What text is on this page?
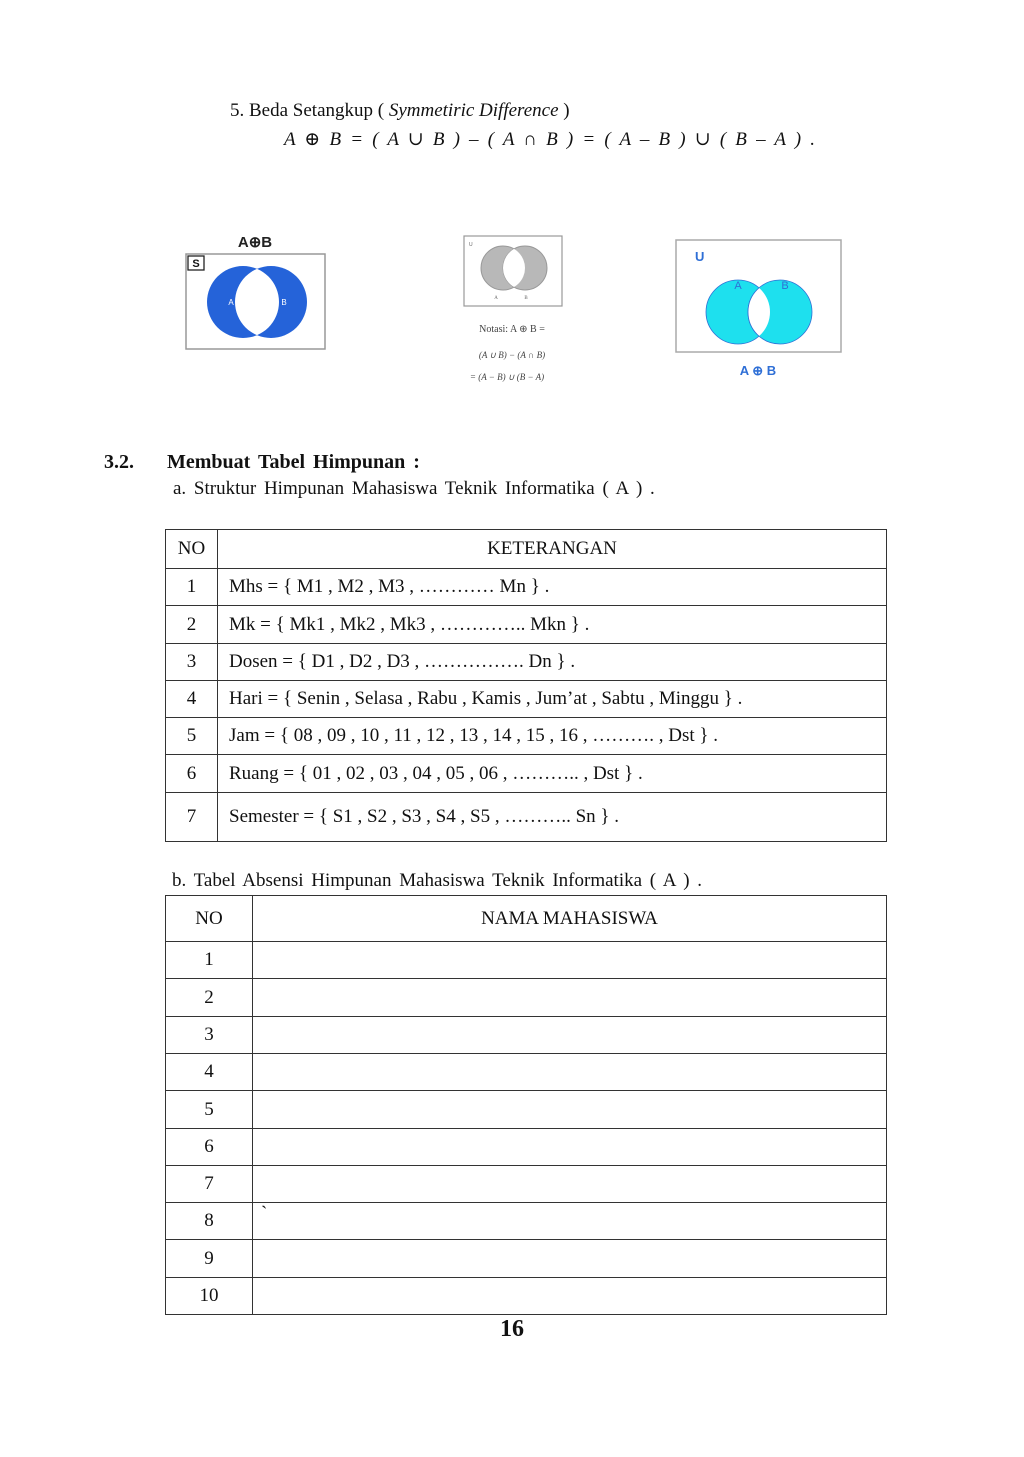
5. Beda Setangkup ( Symmetiric Difference )
A ⊕ B = ( A ∪ B ) – ( A ∩ B ) = ( A – B ) ∪ ( B – A ) .
A⊕B
S
A	B
U
A	B
Notasi: A ⊕ B =
(A ∪ B) − (A ∩ B)
= (A − B) ∪ (B − A)
U
A	B
A ⊕ B
3.2. Membuat Tabel Himpunan :
a. Struktur Himpunan Mahasiswa Teknik Informatika ( A ) .
NO	KETERANGAN
1	Mhs = { M1 , M2 , M3 , ………… Mn } .
2	Mk = { Mk1 , Mk2 , Mk3 , ………….. Mkn } .
3	Dosen = { D1 , D2 , D3 , ……………. Dn } .
4	Hari = { Senin , Selasa , Rabu , Kamis , Jum’at , Sabtu , Minggu } .
5	Jam = { 08 , 09 , 10 , 11 , 12 , 13 , 14 , 15 , 16 , ………. , Dst } .
6	Ruang = { 01 , 02 , 03 , 04 , 05 , 06 , ……….. , Dst } .
7	Semester = { S1 , S2 , S3 , S4 , S5 , ……….. Sn } .
b. Tabel Absensi Himpunan Mahasiswa Teknik Informatika ( A ) .
NO	NAMA MAHASISWA
1	
2	
3	
4	
5	
6	
7	
8	`
9	
10	
16
